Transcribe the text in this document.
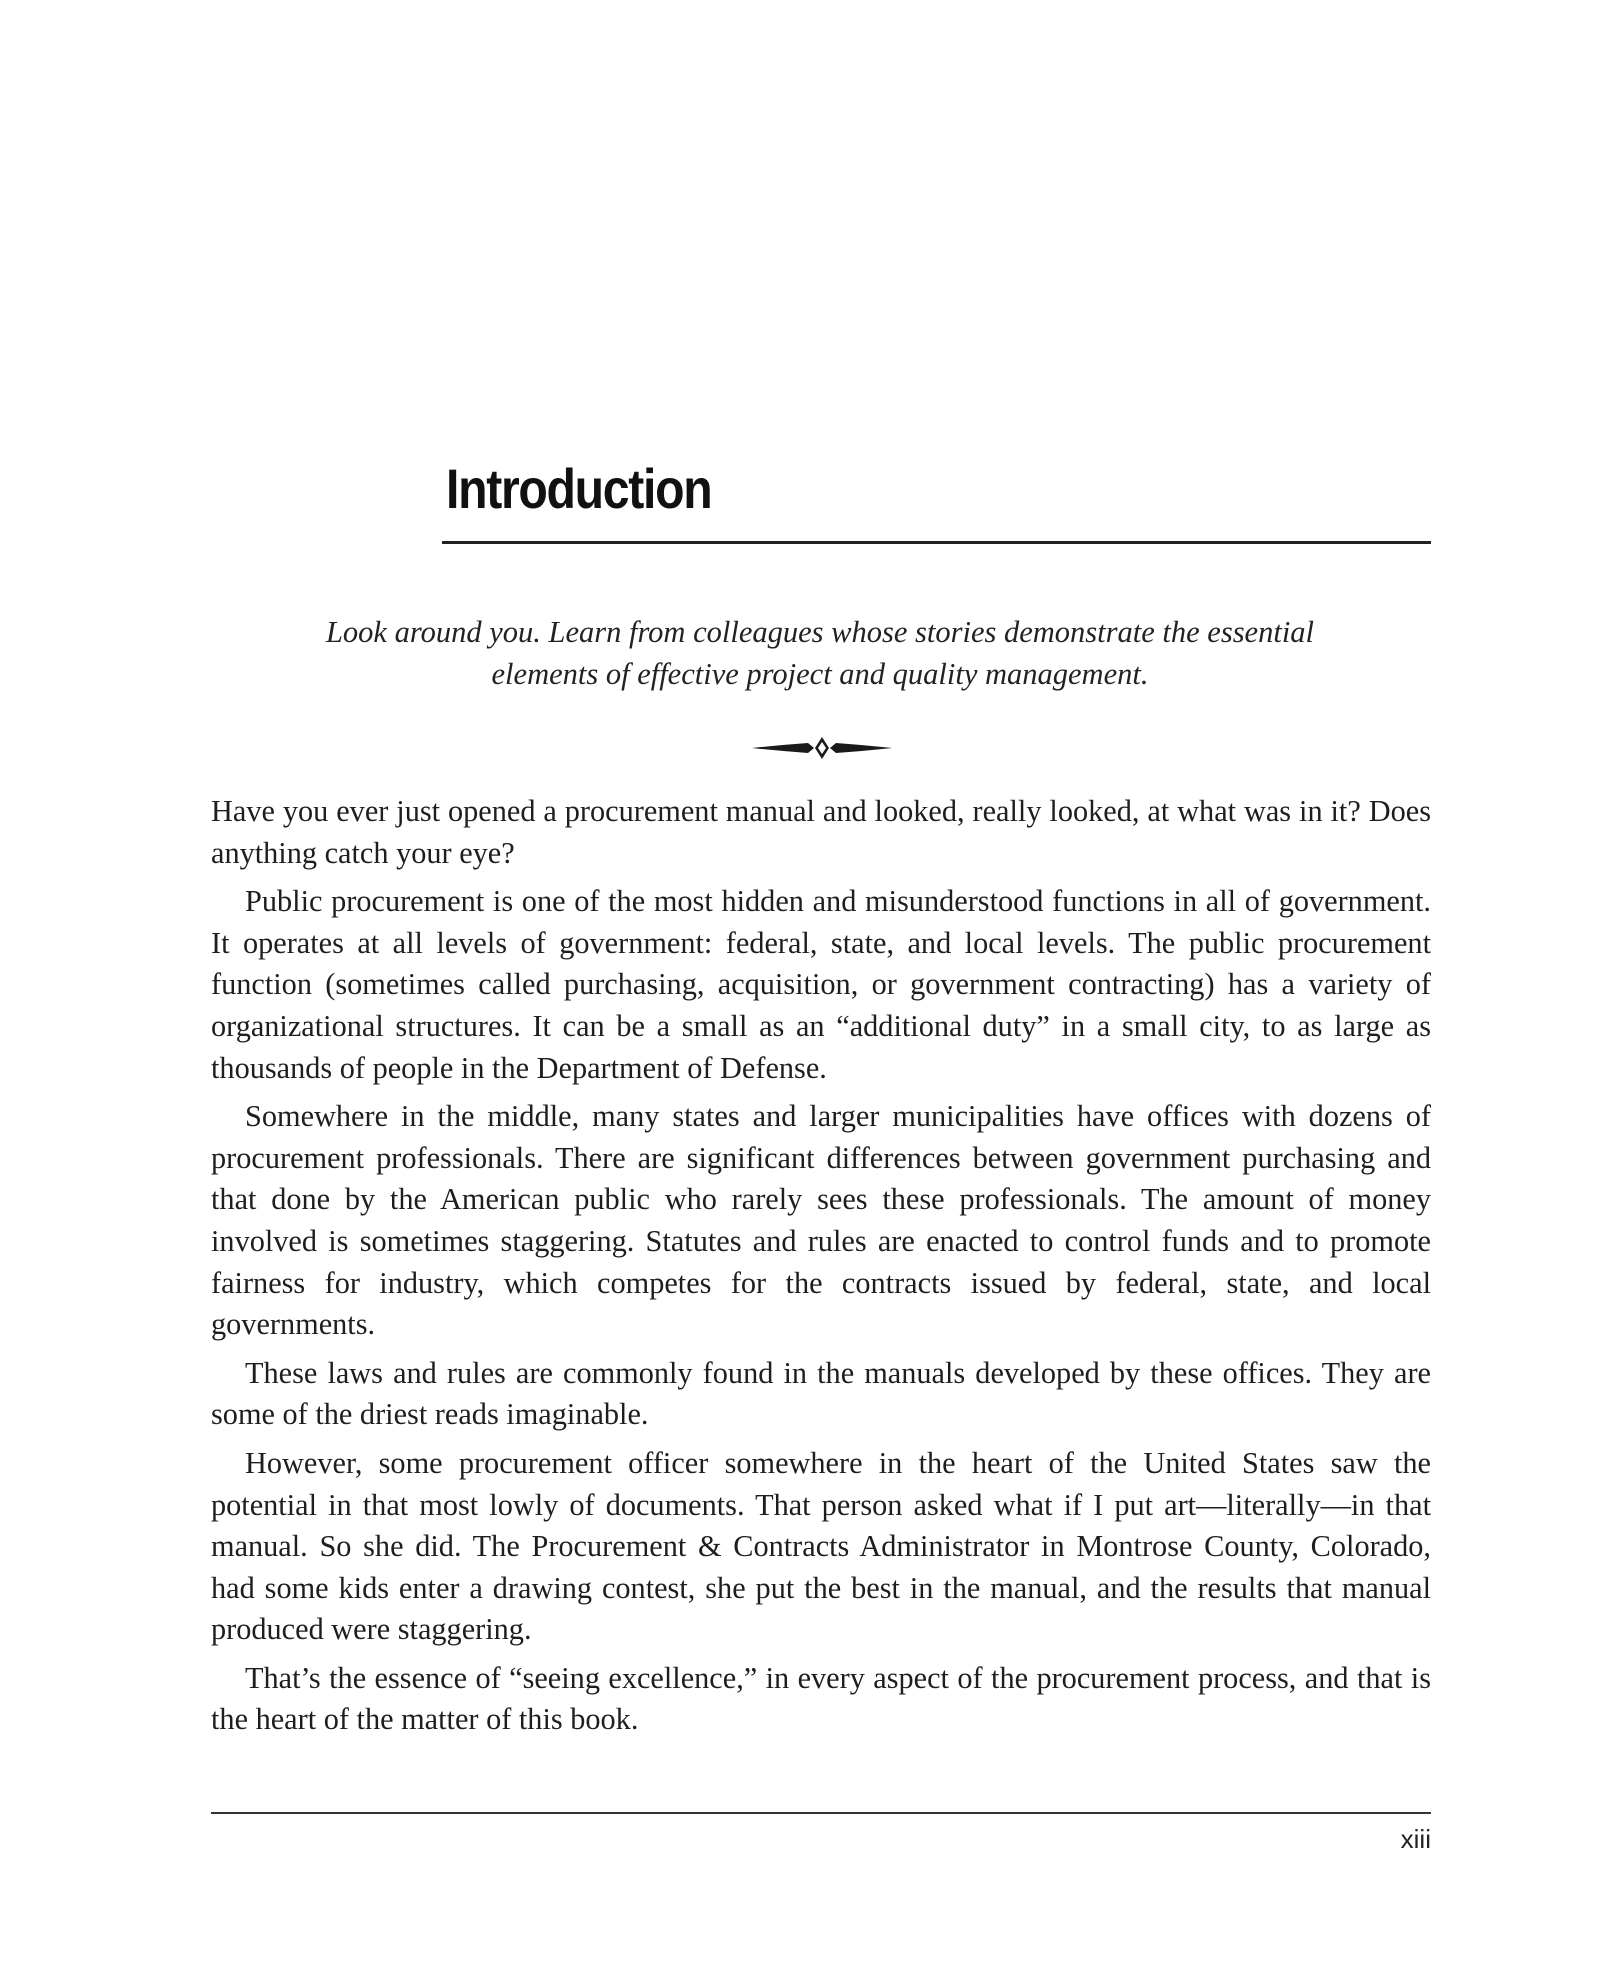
Introduction

Look around you. Learn from colleagues whose stories demonstrate the essential elements of effective project and quality management.

Have you ever just opened a procurement manual and looked, really looked, at what was in it? Does anything catch your eye?

Public procurement is one of the most hidden and misunderstood functions in all of government. It operates at all levels of government: federal, state, and local levels. The public procurement function (sometimes called purchasing, acquisition, or government contracting) has a variety of organizational structures. It can be a small as an “additional duty” in a small city, to as large as thousands of people in the Department of Defense.

Somewhere in the middle, many states and larger municipalities have offices with dozens of procurement professionals. There are significant differences between government purchasing and that done by the American public who rarely sees these professionals. The amount of money involved is sometimes staggering. Statutes and rules are enacted to control funds and to promote fairness for industry, which competes for the contracts issued by federal, state, and local governments.

These laws and rules are commonly found in the manuals developed by these offices. They are some of the driest reads imaginable.

However, some procurement officer somewhere in the heart of the United States saw the potential in that most lowly of documents. That person asked what if I put art—literally—in that manual. So she did. The Procurement & Contracts Administrator in Montrose County, Colorado, had some kids enter a drawing contest, she put the best in the manual, and the results that manual produced were staggering.

That’s the essence of “seeing excellence,” in every aspect of the procurement process, and that is the heart of the matter of this book.

xiii
